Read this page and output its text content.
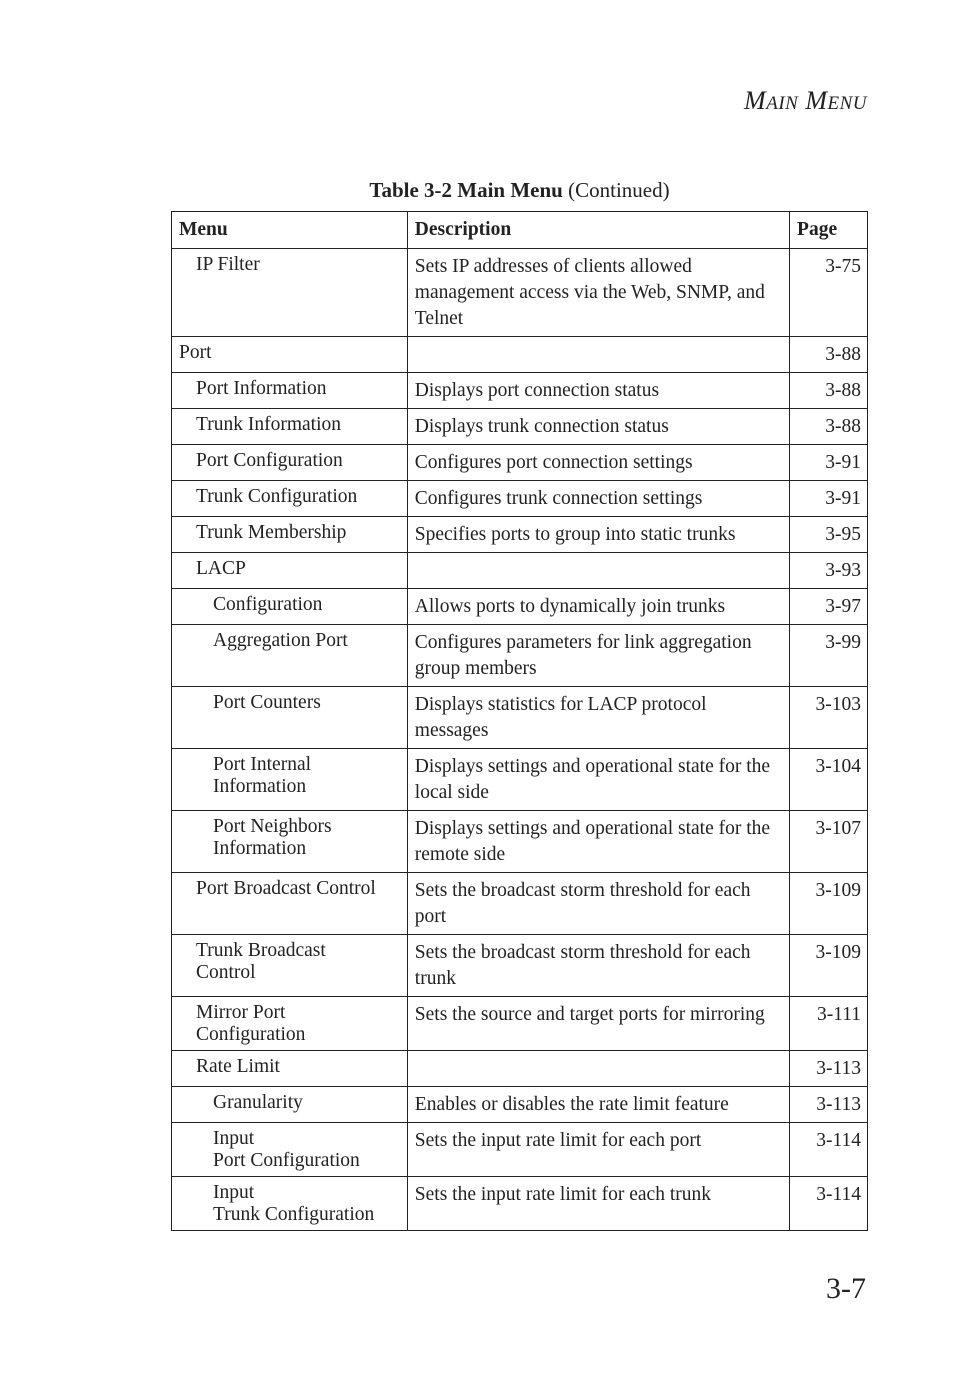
MAIN MENU
Table 3-2 Main Menu (Continued)
Menu	Description	Page
IP Filter	Sets IP addresses of clients allowed management access via the Web, SNMP, and Telnet	3-75
Port		3-88
Port Information	Displays port connection status	3-88
Trunk Information	Displays trunk connection status	3-88
Port Configuration	Configures port connection settings	3-91
Trunk Configuration	Configures trunk connection settings	3-91
Trunk Membership	Specifies ports to group into static trunks	3-95
LACP		3-93
Configuration	Allows ports to dynamically join trunks	3-97
Aggregation Port	Configures parameters for link aggregation group members	3-99
Port Counters	Displays statistics for LACP protocol messages	3-103
Port Internal
Information	Displays settings and operational state for the local side	3-104
Port Neighbors
Information	Displays settings and operational state for the remote side	3-107
Port Broadcast Control	Sets the broadcast storm threshold for each port	3-109
Trunk Broadcast
Control	Sets the broadcast storm threshold for each trunk	3-109
Mirror Port
Configuration	Sets the source and target ports for mirroring	3-111
Rate Limit		3-113
Granularity	Enables or disables the rate limit feature	3-113
Input
Port Configuration	Sets the input rate limit for each port	3-114
Input
Trunk Configuration	Sets the input rate limit for each trunk	3-114
3-7
